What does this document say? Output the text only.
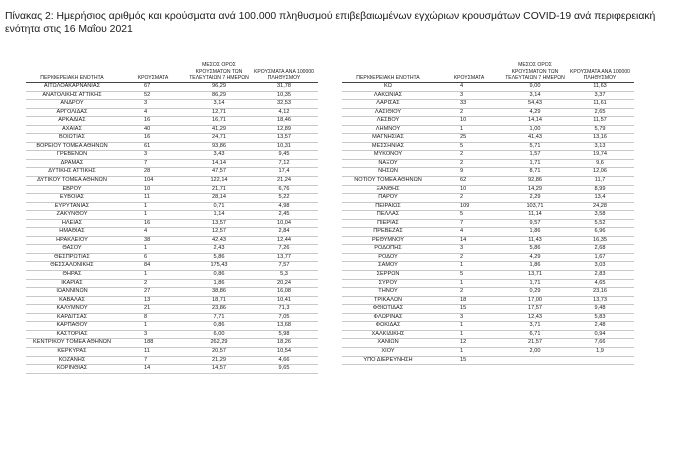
Πίνακας 2: Ημερήσιος αριθμός και κρούσματα ανά 100.000 πληθυσμού επιβεβαιωμένων εγχώριων κρουσμάτων COVID-19 ανά περιφερειακή ενότητα στις 16 Μαΐου 2021
ΠΕΡΙΦΕΡΕΙΑΚΗ ΕΝΟΤΗΤΑ	ΚΡΟΥΣΜΑΤΑ	ΜΕΣΟΣ ΟΡΟΣ ΚΡΟΥΣΜΑΤΩΝ ΤΩΝ ΤΕΛΕΥΤΑΙΩΝ 7 ΗΜΕΡΩΝ	ΚΡΟΥΣΜΑΤΑ ΑΝΑ 100000 ΠΛΗΘΥΣΜΟΥ
ΑΙΤΩΛΟΑΚΑΡΝΑΝΙΑΣ	67	96,29	31,78
ΑΝΑΤΟΛΙΚΗΣ ΑΤΤΙΚΗΣ	52	86,29	10,35
ΑΝΔΡΟΥ	3	3,14	32,53
ΑΡΓΟΛΙΔΑΣ	4	12,71	4,12
ΑΡΚΑΔΙΑΣ	16	16,71	18,46
ΑΧΑΪΑΣ	40	41,29	12,89
ΒΟΙΩΤΙΑΣ	16	24,71	13,57
ΒΟΡΕΙΟΥ ΤΟΜΕΑ ΑΘΗΝΩΝ	61	93,86	10,31
ΓΡΕΒΕΝΩΝ	3	3,43	9,45
ΔΡΑΜΑΣ	7	14,14	7,12
ΔΥΤΙΚΗΣ ΑΤΤΙΚΗΣ	28	47,57	17,4
ΔΥΤΙΚΟΥ ΤΟΜΕΑ ΑΘΗΝΩΝ	104	122,14	21,24
ΕΒΡΟΥ	10	21,71	6,76
ΕΥΒΟΙΑΣ	11	28,14	5,22
ΕΥΡΥΤΑΝΙΑΣ	1	0,71	4,98
ΖΑΚΥΝΘΟΥ	1	1,14	2,45
ΗΛΕΙΑΣ	16	13,57	10,04
ΗΜΑΘΙΑΣ	4	12,57	2,84
ΗΡΑΚΛΕΙΟΥ	38	42,43	12,44
ΘΑΣΟΥ	1	2,43	7,26
ΘΕΣΠΡΩΤΙΑΣ	6	5,86	13,77
ΘΕΣΣΑΛΟΝΙΚΗΣ	84	175,43	7,57
ΘΗΡΑΣ	1	0,86	5,3
ΙΚΑΡΙΑΣ	2	1,86	20,24
ΙΩΑΝΝΙΝΩΝ	27	38,86	16,08
ΚΑΒΑΛΑΣ	13	18,71	10,41
ΚΑΛΥΜΝΟΥ	21	23,86	71,3
ΚΑΡΔΙΤΣΑΣ	8	7,71	7,05
ΚΑΡΠΑΘΟΥ	1	0,86	13,68
ΚΑΣΤΟΡΙΑΣ	3	6,00	5,98
ΚΕΝΤΡΙΚΟΥ ΤΟΜΕΑ ΑΘΗΝΩΝ	188	262,29	18,26
ΚΕΡΚΥΡΑΣ	11	20,57	10,54
ΚΟΖΑΝΗΣ	7	21,29	4,66
ΚΟΡΙΝΘΙΑΣ	14	14,57	9,65
ΠΕΡΙΦΕΡΕΙΑΚΗ ΕΝΟΤΗΤΑ	ΚΡΟΥΣΜΑΤΑ	ΜΕΣΟΣ ΟΡΟΣ ΚΡΟΥΣΜΑΤΩΝ ΤΩΝ ΤΕΛΕΥΤΑΙΩΝ 7 ΗΜΕΡΩΝ	ΚΡΟΥΣΜΑΤΑ ΑΝΑ 100000 ΠΛΗΘΥΣΜΟΥ
ΚΩ	4	9,00	11,63
ΛΑΚΩΝΙΑΣ	3	3,14	3,37
ΛΑΡΙΣΑΣ	33	54,43	11,61
ΛΑΣΙΘΙΟΥ	2	4,29	2,65
ΛΕΣΒΟΥ	10	14,14	11,57
ΛΗΜΝΟΥ	1	1,00	5,79
ΜΑΓΝΗΣΙΑΣ	25	41,43	13,16
ΜΕΣΣΗΝΙΑΣ	5	5,71	3,13
ΜΥΚΟΝΟΥ	2	1,57	19,74
ΝΑΞΟΥ	2	1,71	9,6
ΝΗΣΩΝ	9	8,71	12,06
ΝΟΤΙΟΥ ΤΟΜΕΑ ΑΘΗΝΩΝ	62	92,86	11,7
ΞΑΝΘΗΣ	10	14,29	8,99
ΠΑΡΟΥ	2	2,29	13,4
ΠΕΙΡΑΙΩΣ	109	103,71	24,28
ΠΕΛΛΑΣ	5	11,14	3,58
ΠΙΕΡΙΑΣ	7	9,57	5,52
ΠΡΕΒΕΖΑΣ	4	1,86	6,96
ΡΕΘΥΜΝΟΥ	14	11,43	16,35
ΡΟΔΟΠΗΣ	3	5,86	2,68
ΡΟΔΟΥ	2	4,29	1,67
ΣΑΜΟΥ	1	1,86	3,03
ΣΕΡΡΩΝ	5	13,71	2,83
ΣΥΡΟΥ	1	1,71	4,65
ΤΗΝΟΥ	2	0,29	23,16
ΤΡΙΚΑΛΩΝ	18	17,00	13,73
ΦΘΙΩΤΙΔΑΣ	15	17,57	9,48
ΦΛΩΡΙΝΑΣ	3	12,43	5,83
ΦΩΚΙΔΑΣ	1	3,71	2,48
ΧΑΛΚΙΔΙΚΗΣ	1	6,71	0,94
ΧΑΝΙΩΝ	12	21,57	7,66
ΧΙΟΥ	1	2,00	1,9
ΥΠΟ ΔΙΕΡΕΥΝΗΣΗ	15		
